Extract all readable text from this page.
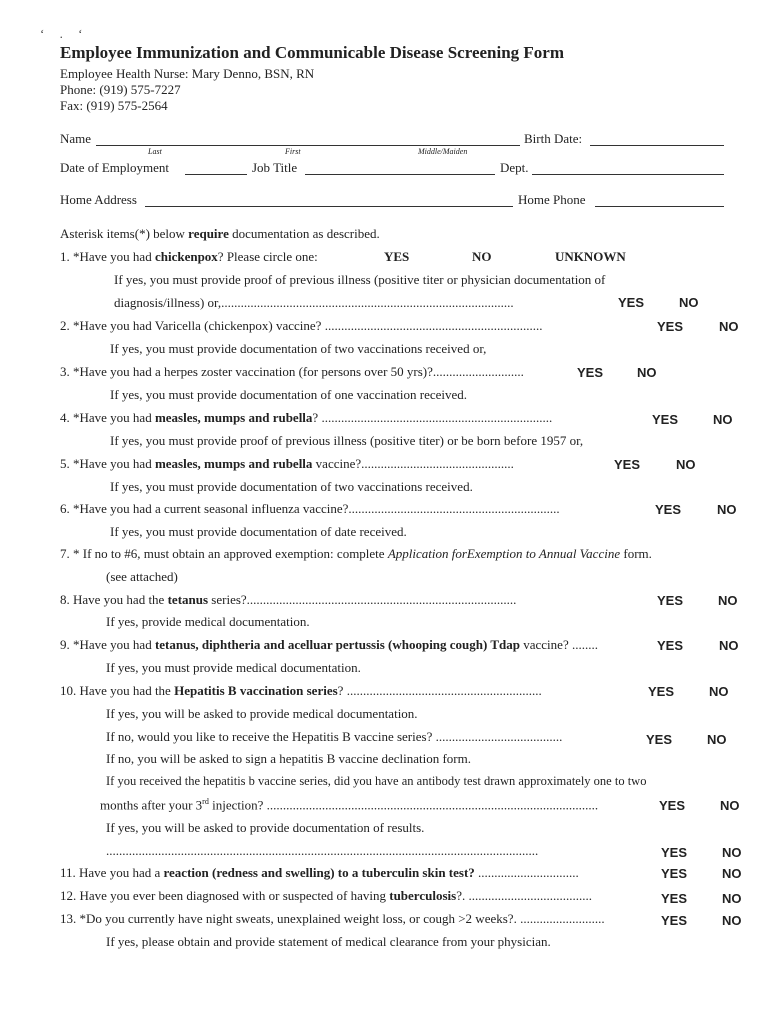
‘ . ‘
Employee Immunization and Communicable Disease Screening Form
Employee Health Nurse: Mary Denno, BSN, RN
Phone: (919) 575-7227
Fax: (919) 575-2564
Name	Birth Date:
Last	First	Middle/Maiden
Date of Employment	Job Title	Dept.
Home Address	Home Phone
Asterisk items(*) below require documentation as described.
1. *Have you had chickenpox? Please circle one:	YES	NO	UNKNOWN
If yes, you must provide proof of previous illness (positive titer or physician documentation of
diagnosis/illness) or,..........................................................................................	YES	NO
2. *Have you had Varicella (chickenpox) vaccine? ...................................................................	YES	NO
If yes, you must provide documentation of two vaccinations received or,
3. *Have you had a herpes zoster vaccination (for persons over 50 yrs)?............................	YES	NO
If yes, you must provide documentation of one vaccination received.
4. *Have you had measles, mumps and rubella? .......................................................................	YES	NO
If yes, you must provide proof of previous illness (positive titer) or be born before 1957 or,
5. *Have you had measles, mumps and rubella vaccine?...............................................	YES	NO
If yes, you must provide documentation of two vaccinations received.
6. *Have you had a current seasonal influenza vaccine?.................................................................	YES	NO
If yes, you must provide documentation of date received.
7. * If no to #6, must obtain an approved exemption: complete Application forExemption to Annual Vaccine form.
(see attached)
8. Have you had the tetanus series?...................................................................................	YES	NO
If yes, provide medical documentation.
9. *Have you had tetanus, diphtheria and acelluar pertussis (whooping cough) Tdap vaccine? ........	YES	NO
If yes, you must provide medical documentation.
10. Have you had the Hepatitis B vaccination series? ............................................................	YES	NO
If yes, you will be asked to provide medical documentation.
If no, would you like to receive the Hepatitis B vaccine series? .......................................	YES	NO
If no, you will be asked to sign a hepatitis B vaccine declination form.
If you received the hepatitis b vaccine series, did you have an antibody test drawn approximately one to two
months after your 3rd injection? ......................................................................................................	YES	NO
If yes, you will be asked to provide documentation of results.
.....................................................................................................................................	YES	NO
11. Have you had a reaction (redness and swelling) to a tuberculin skin test? ...............................	YES	NO
12. Have you ever been diagnosed with or suspected of having tuberculosis?. ......................................	YES	NO
13. *Do you currently have night sweats, unexplained weight loss, or cough >2 weeks?. ..........................	YES	NO
If yes, please obtain and provide statement of medical clearance from your physician.
